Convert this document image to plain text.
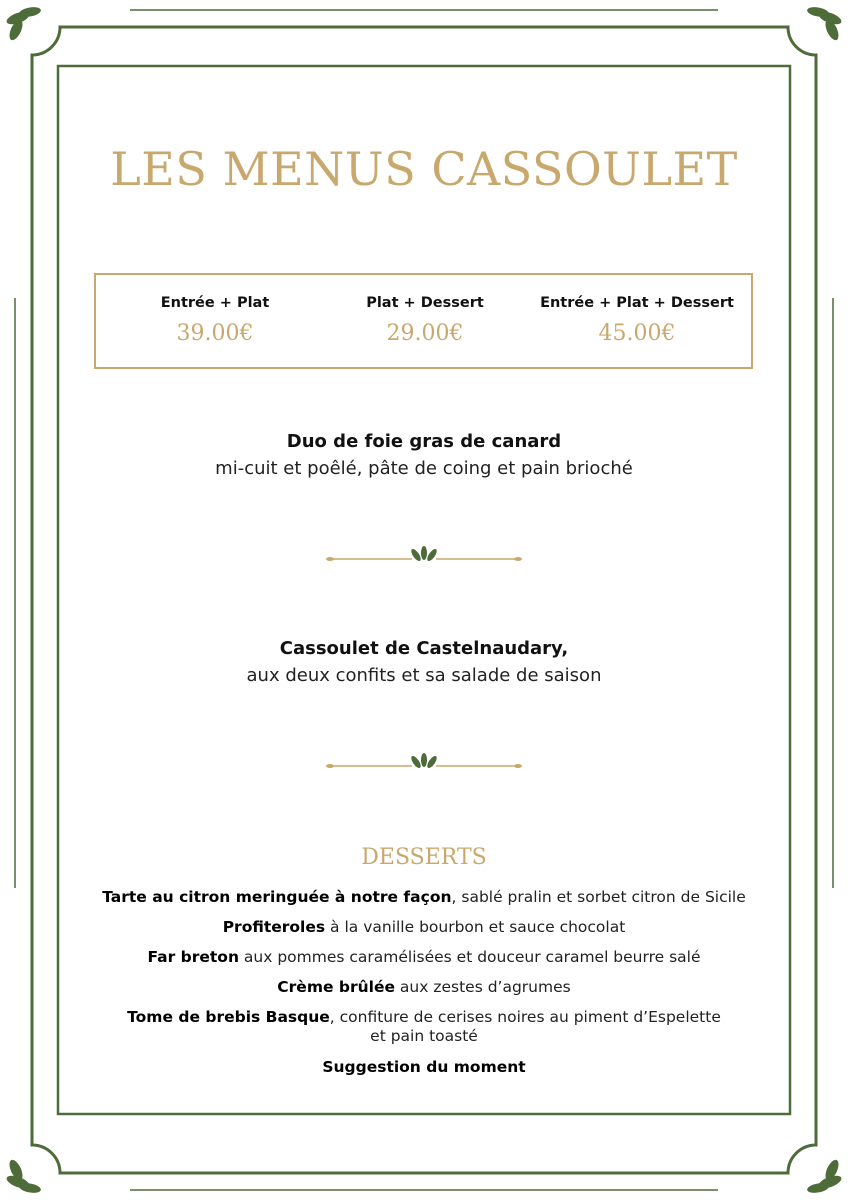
LES MENUS CASSOULET
Entrée + Plat
39.00€
Plat + Dessert
29.00€
Entrée + Plat + Dessert
45.00€
Duo de foie gras de canard
mi-cuit et poêlé, pâte de coing et pain brioché
Cassoulet de Castelnaudary,
aux deux confits et sa salade de saison
DESSERTS
Tarte au citron meringuée à notre façon, sablé pralin et sorbet citron de Sicile
Profiteroles à la vanille bourbon et sauce chocolat
Far breton aux pommes caramélisées et douceur caramel beurre salé
Crème brûlée aux zestes d’agrumes
Tome de brebis Basque, confiture de cerises noires au piment d’Espelette
et pain toasté
Suggestion du moment
